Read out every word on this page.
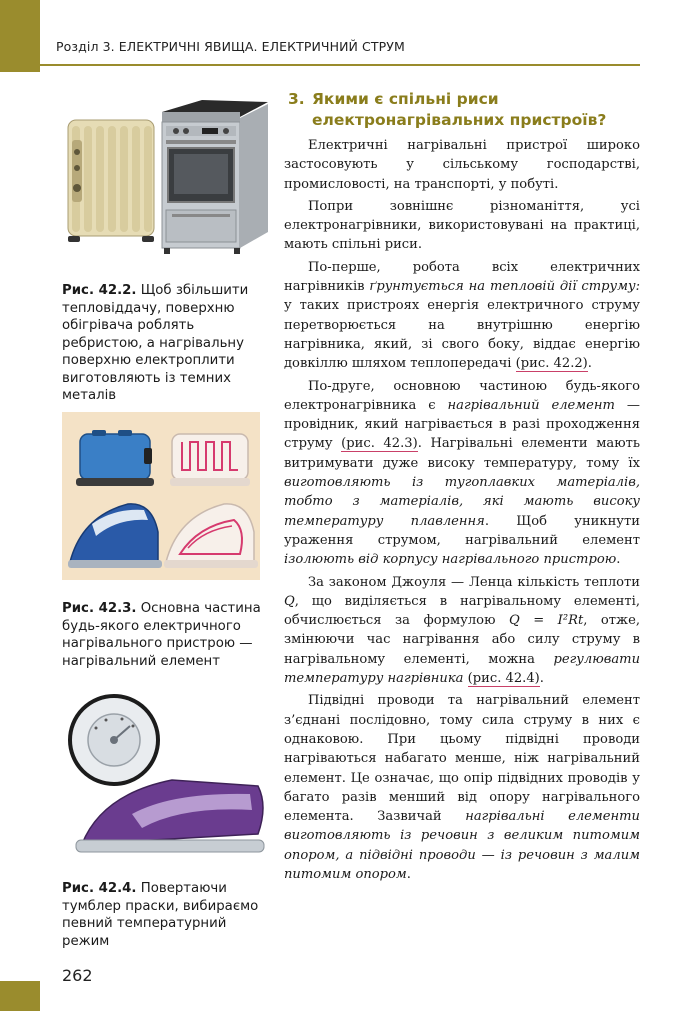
Розділ 3. ЕЛЕКТРИЧНІ ЯВИЩА. ЕЛЕКТРИЧНИЙ СТРУМ
Рис. 42.2. Щоб збільшити тепловіддачу, поверхню обігрівача роблять ребристою, а нагрівальну поверхню електроплити виготовляють із темних металів
Рис. 42.3. Основна частина будь-якого електричного нагрівального пристрою — нагрівальний елемент
Рис. 42.4. Повертаючи тумблер праски, вибираємо певний температурний режим
3. Якими є спільні риси
електронагрівальних пристроїв?

Електричні нагрівальні пристрої широко застосовують у сільському господарстві, промисловості, на транспорті, у побуті.

Попри зовнішнє різноманіття, усі електронагрівники, використовувані на практиці, мають спільні риси.

По-перше, робота всіх електричних нагрівників ґрунтується на тепловій дії струму: у таких пристроях енергія електричного струму перетворюється на внутрішню енергію нагрівника, який, зі свого боку, віддає енергію довкіллю шляхом теплопередачі (рис. 42.2).

По-друге, основною частиною будь-якого електронагрівника є нагрівальний елемент — провідник, який нагрівається в разі проходження струму (рис. 42.3). Нагрівальні елементи мають витримувати дуже високу температуру, тому їх виготовляють із тугоплавких матеріалів, тобто з матеріалів, які мають високу температуру плавлення. Щоб уникнути ураження струмом, нагрівальний елемент ізолюють від корпусу нагрівального пристрою.

За законом Джоуля — Ленца кількість теплоти Q, що виділяється в нагрівальному елементі, обчислюється за формулою Q = I²Rt, отже, змінюючи час нагрівання або силу струму в нагрівальному елементі, можна регулювати температуру нагрівника (рис. 42.4).

Підвідні проводи та нагрівальний елемент з’єднані послідовно, тому сила струму в них є однаковою. При цьому підвідні проводи нагріваються набагато менше, ніж нагрівальний елемент. Це означає, що опір підвідних проводів у багато разів менший від опору нагрівального елемента. Зазвичай нагрівальні елементи виготовляють із речовин з великим питомим опором, а підвідні проводи — із речовин з малим питомим опором.

262
